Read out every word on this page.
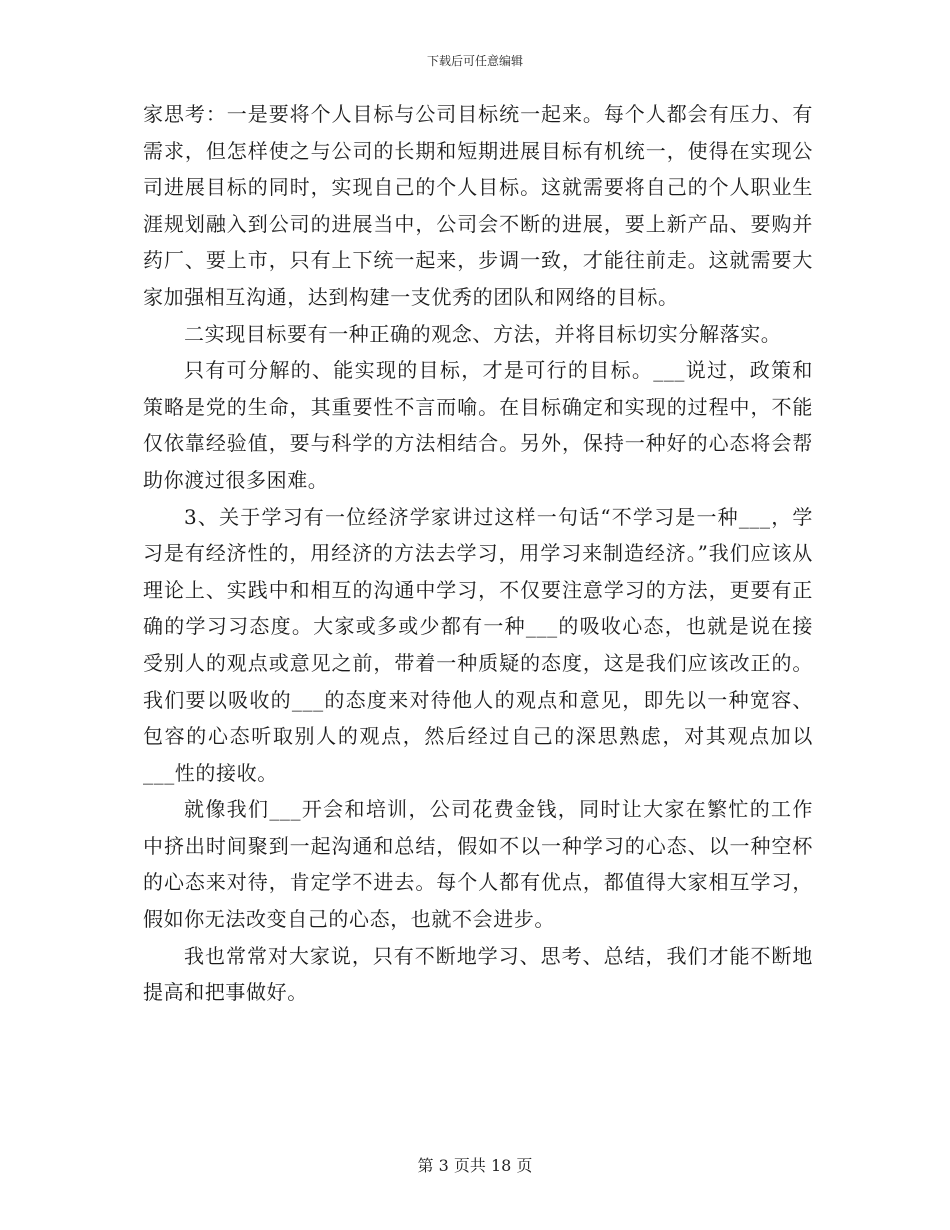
下载后可任意编辑

家思考：一是要将个人目标与公司目标统一起来。每个人都会有压力、有需求，但怎样使之与公司的长期和短期进展目标有机统一，使得在实现公司进展目标的同时，实现自己的个人目标。这就需要将自己的个人职业生涯规划融入到公司的进展当中，公司会不断的进展，要上新产品、要购并药厂、要上市，只有上下统一起来，步调一致，才能往前走。这就需要大家加强相互沟通，达到构建一支优秀的团队和网络的目标。

二实现目标要有一种正确的观念、方法，并将目标切实分解落实。

只有可分解的、能实现的目标，才是可行的目标。___说过，政策和策略是党的生命，其重要性不言而喻。在目标确定和实现的过程中，不能仅依靠经验值，要与科学的方法相结合。另外，保持一种好的心态将会帮助你渡过很多困难。

3、关于学习有一位经济学家讲过这样一句话“不学习是一种___，学习是有经济性的，用经济的方法去学习，用学习来制造经济。”我们应该从理论上、实践中和相互的沟通中学习，不仅要注意学习的方法，更要有正确的学习习态度。大家或多或少都有一种___的吸收心态，也就是说在接受别人的观点或意见之前，带着一种质疑的态度，这是我们应该改正的。我们要以吸收的___的态度来对待他人的观点和意见，即先以一种宽容、包容的心态听取别人的观点，然后经过自己的深思熟虑，对其观点加以___性的接收。

就像我们___开会和培训，公司花费金钱，同时让大家在繁忙的工作中挤出时间聚到一起沟通和总结，假如不以一种学习的心态、以一种空杯的心态来对待，肯定学不进去。每个人都有优点，都值得大家相互学习，假如你无法改变自己的心态，也就不会进步。

我也常常对大家说，只有不断地学习、思考、总结，我们才能不断地提高和把事做好。

第 3 页共 18 页
